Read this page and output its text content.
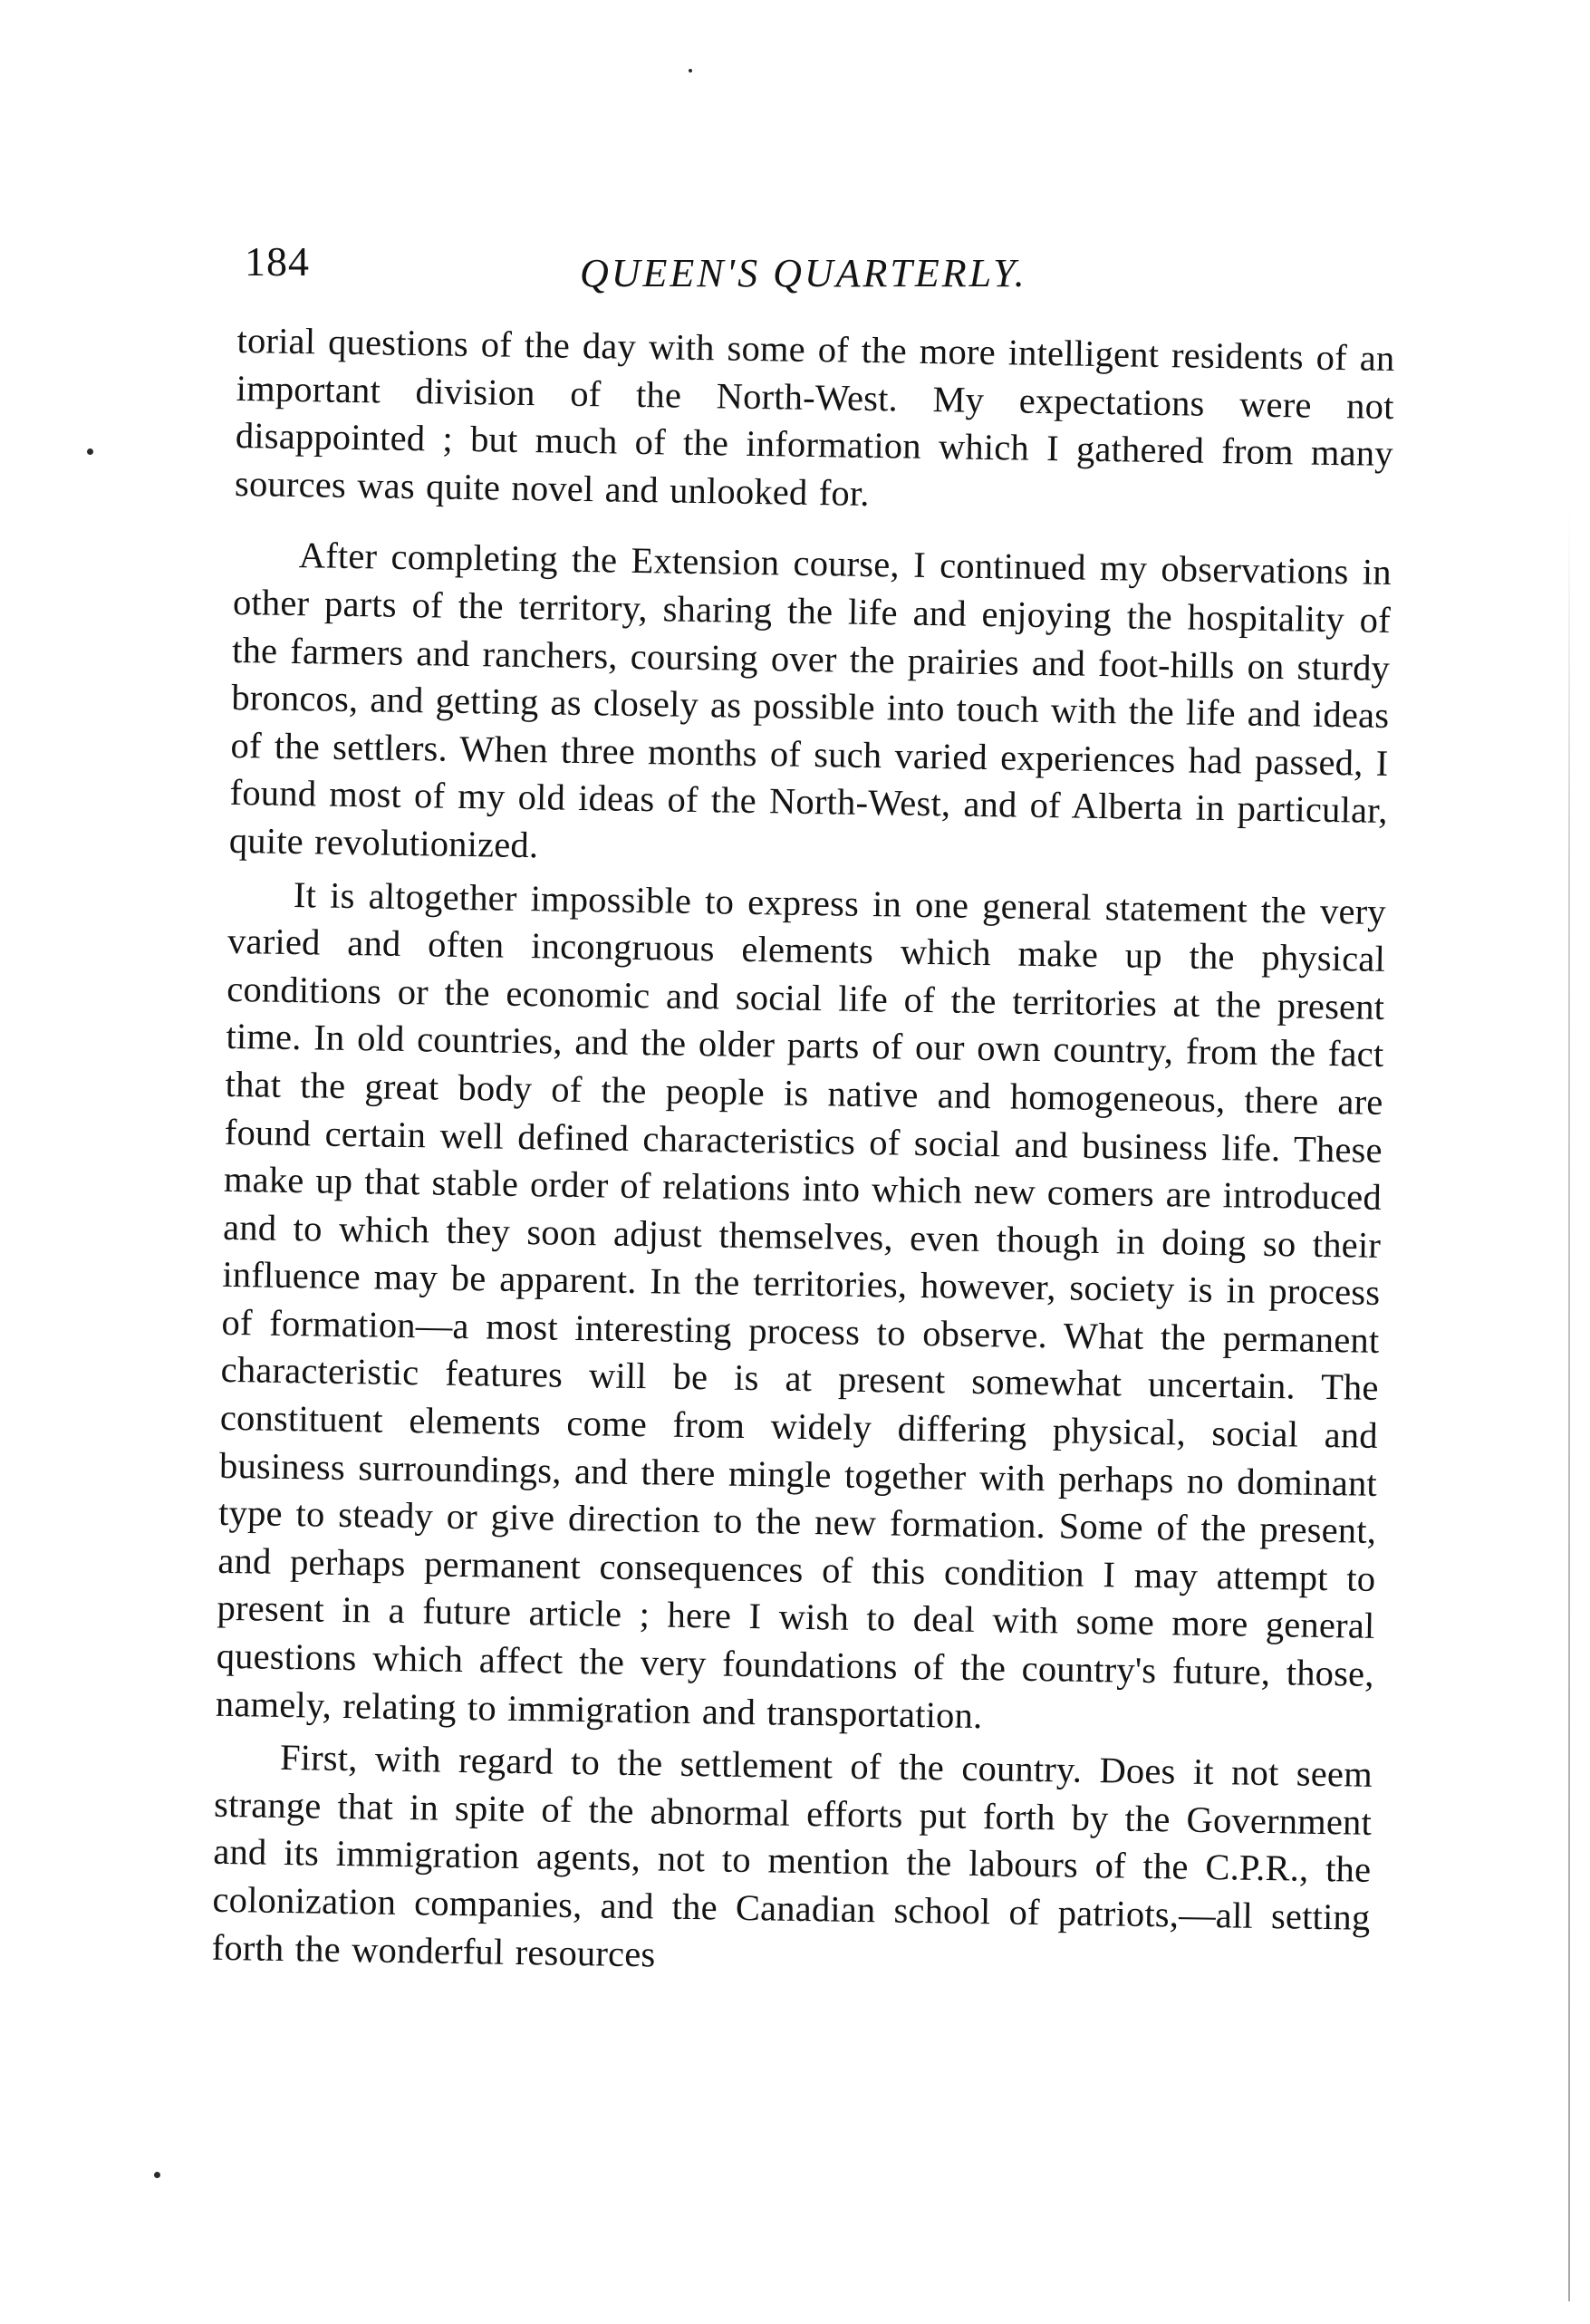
184	QUEEN'S QUARTERLY.

torial questions of the day with some of the more intelligent residents of an important division of the North-West. My expectations were not disappointed ; but much of the information which I gathered from many sources was quite novel and unlooked for.

After completing the Extension course, I continued my observations in other parts of the territory, sharing the life and enjoying the hospitality of the farmers and ranchers, coursing over the prairies and foot-hills on sturdy broncos, and getting as closely as possible into touch with the life and ideas of the settlers. When three months of such varied experiences had passed, I found most of my old ideas of the North-West, and of Alberta in particular, quite revolutionized.

It is altogether impossible to express in one general statement the very varied and often incongruous elements which make up the physical conditions or the economic and social life of the territories at the present time. In old countries, and the older parts of our own country, from the fact that the great body of the people is native and homogeneous, there are found certain well defined characteristics of social and business life. These make up that stable order of relations into which new comers are introduced and to which they soon adjust themselves, even though in doing so their influence may be apparent. In the territories, however, society is in process of formation—a most interesting process to observe. What the permanent characteristic features will be is at present somewhat uncertain. The constituent elements come from widely differing physical, social and business surroundings, and there mingle together with perhaps no dominant type to steady or give direction to the new formation. Some of the present, and perhaps permanent consequences of this condition I may attempt to present in a future article ; here I wish to deal with some more general questions which affect the very foundations of the country's future, those, namely, relating to immigration and transportation.

First, with regard to the settlement of the country. Does it not seem strange that in spite of the abnormal efforts put forth by the Government and its immigration agents, not to mention the labours of the C.P.R., the colonization companies, and the Canadian school of patriots,—all setting forth the wonderful resources
